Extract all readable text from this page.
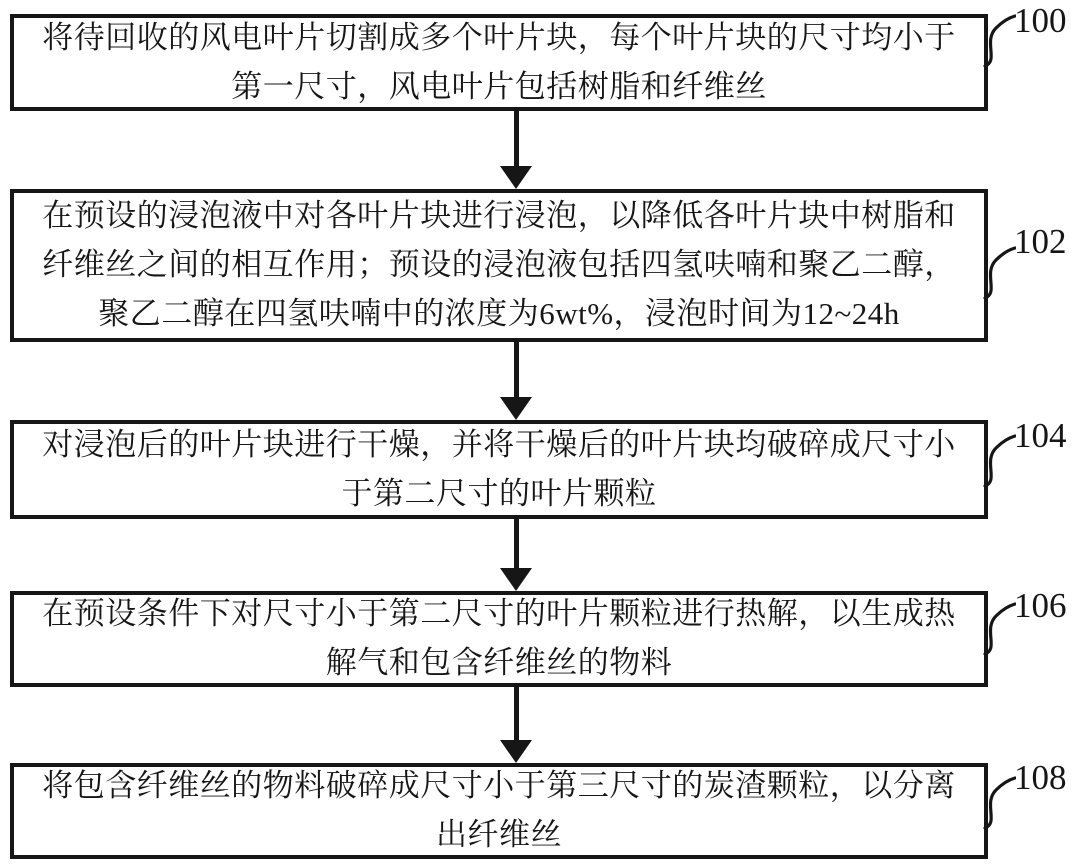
将待回收的风电叶片切割成多个叶片块，每个叶片块的尺寸均小于第一尺寸，风电叶片包括树脂和纤维丝

100

在预设的浸泡液中对各叶片块进行浸泡，以降低各叶片块中树脂和纤维丝之间的相互作用；预设的浸泡液包括四氢呋喃和聚乙二醇，聚乙二醇在四氢呋喃中的浓度为6wt%，浸泡时间为12~24h

102

对浸泡后的叶片块进行干燥，并将干燥后的叶片块均破碎成尺寸小于第二尺寸的叶片颗粒

104

在预设条件下对尺寸小于第二尺寸的叶片颗粒进行热解，以生成热解气和包含纤维丝的物料

106

将包含纤维丝的物料破碎成尺寸小于第三尺寸的炭渣颗粒，以分离出纤维丝

108
